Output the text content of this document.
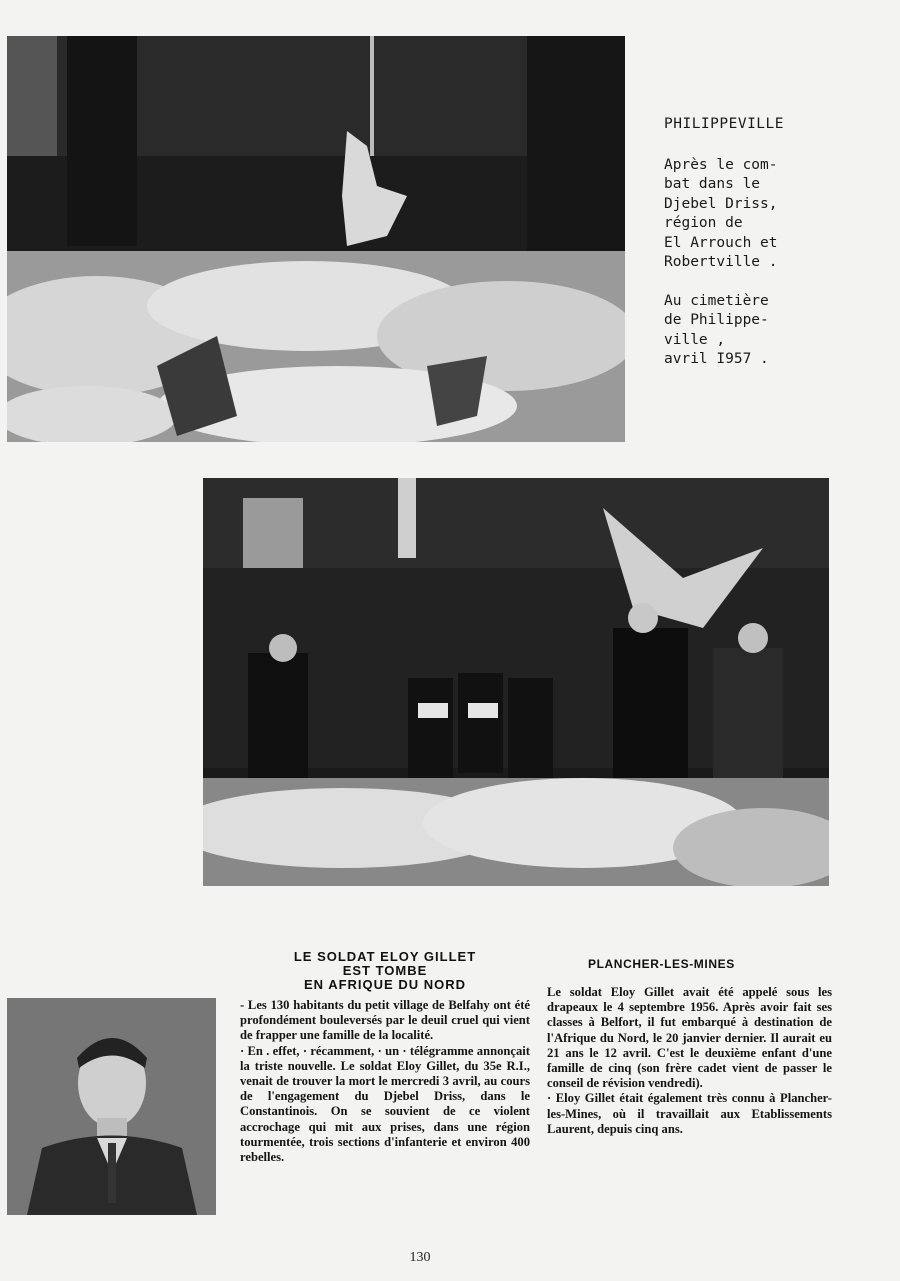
PHILIPPEVILLE
Après le com-
bat dans le
Djebel Driss,
région de
El Arrouch et
Robertville .
Au cimetière
de Philippe-
ville ,
avril I957 .
LE SOLDAT ELOY GILLET
EST TOMBE
EN AFRIQUE DU NORD

- Les 130 habitants du petit village de Belfahy ont été profondément bouleversés par le deuil cruel qui vient de frapper une famille de la localité.

· En . effet, · récamment, · un · télégramme annonçait la triste nouvelle. Le soldat Eloy Gillet, du 35e R.I., venait de trouver la mort le mercredi 3 avril, au cours de l'engagement du Djebel Driss, dans le Constantinois. On se souvient de ce violent accrochage qui mit aux prises, dans une région tourmentée, trois sections d'infanterie et environ 400 rebelles.

PLANCHER-LES-MINES

Le soldat Eloy Gillet avait été appelé sous les drapeaux le 4 septembre 1956. Après avoir fait ses classes à Belfort, il fut embarqué à destination de l'Afrique du Nord, le 20 janvier dernier. Il aurait eu 21 ans le 12 avril. C'est le deuxième enfant d'une famille de cinq (son frère cadet vient de passer le conseil de révision vendredi).

· Eloy Gillet était également très connu à Plancher-les-Mines, où il travaillait aux Etablissements Laurent, depuis cinq ans.

130
